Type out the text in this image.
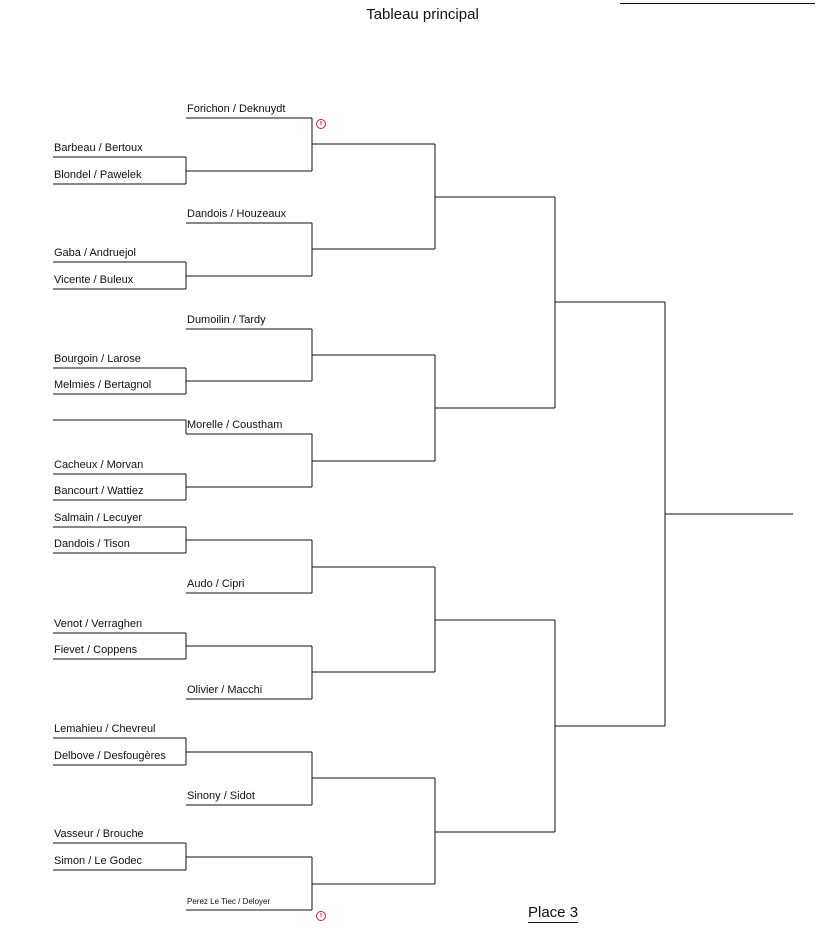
Tableau principal
Forichon / Deknuydt
8
Barbeau / Bertoux
Blondel / Pawelek
Dandois / Houzeaux
Gaba / Andruejol
Vicente / Buleux
Dumoilin / Tardy
Bourgoin / Larose
Melmies / Bertagnol
Morelle / Coustham
Cacheux / Morvan
Bancourt / Wattiez
Salmain / Lecuyer
Dandois / Tison
Audo / Cipri
Venot / Verraghen
Fievet / Coppens
Olivier / Macchi
Lemahieu / Chevreul
Delbove / Desfougères
Sinony / Sidot
Vasseur / Brouche
Simon / Le Godec
Perez Le Tiec / Deloyer
5	Place 3
